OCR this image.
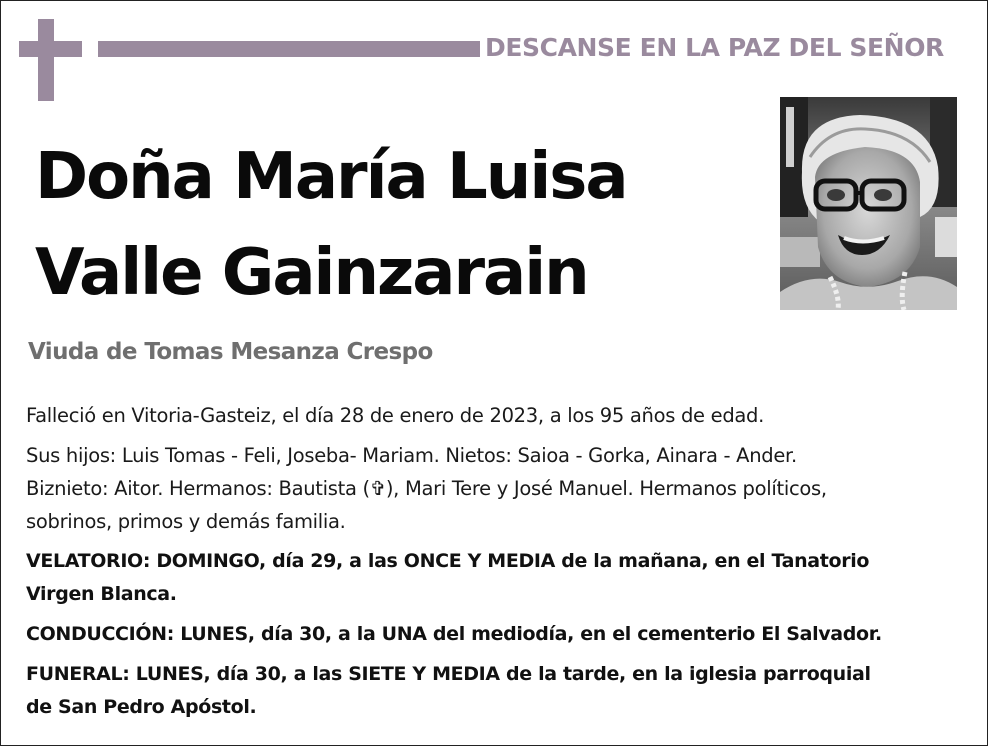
DESCANSE EN LA PAZ DEL SEÑOR
Doña María Luisa
Valle Gainzarain
Viuda de Tomas Mesanza Crespo

Falleció en Vitoria-Gasteiz, el día 28 de enero de 2023, a los 95 años de edad.

Sus hijos: Luis Tomas - Feli, Joseba- Mariam. Nietos: Saioa - Gorka, Ainara - Ander.

Biznieto: Aitor. Hermanos: Bautista (✞), Mari Tere y José Manuel. Hermanos políticos,

sobrinos, primos y demás familia.

VELATORIO: DOMINGO, día 29, a las ONCE Y MEDIA de la mañana, en el Tanatorio

Virgen Blanca.

CONDUCCIÓN: LUNES, día 30, a la UNA del mediodía, en el cementerio El Salvador.

FUNERAL: LUNES, día 30, a las SIETE Y MEDIA de la tarde, en la iglesia parroquial

de San Pedro Apóstol.
